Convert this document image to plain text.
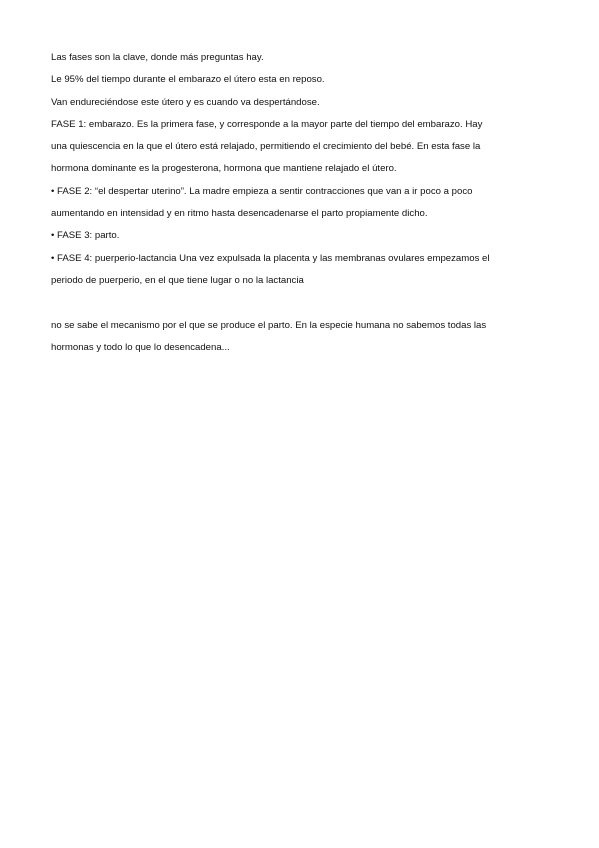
Las fases son la clave, donde más preguntas hay.

Le 95% del tiempo durante el embarazo el útero esta en reposo.

Van endureciéndose este útero y es cuando va despertándose.

FASE 1: embarazo. Es la primera fase, y corresponde a la mayor parte del tiempo del embarazo. Hay

una quiescencia en la que el útero está relajado, permitiendo el crecimiento del bebé. En esta fase la

hormona dominante es la progesterona, hormona que mantiene relajado el útero.

• FASE 2: “el despertar uterino”. La madre empieza a sentir contracciones que van a ir poco a poco

aumentando en intensidad y en ritmo hasta desencadenarse el parto propiamente dicho.

• FASE 3: parto.

• FASE 4: puerperio-lactancia Una vez expulsada la placenta y las membranas ovulares empezamos el

periodo de puerperio, en el que tiene lugar o no la lactancia

no se sabe el mecanismo por el que se produce el parto. En la especie humana no sabemos todas las

hormonas y todo lo que lo desencadena...
